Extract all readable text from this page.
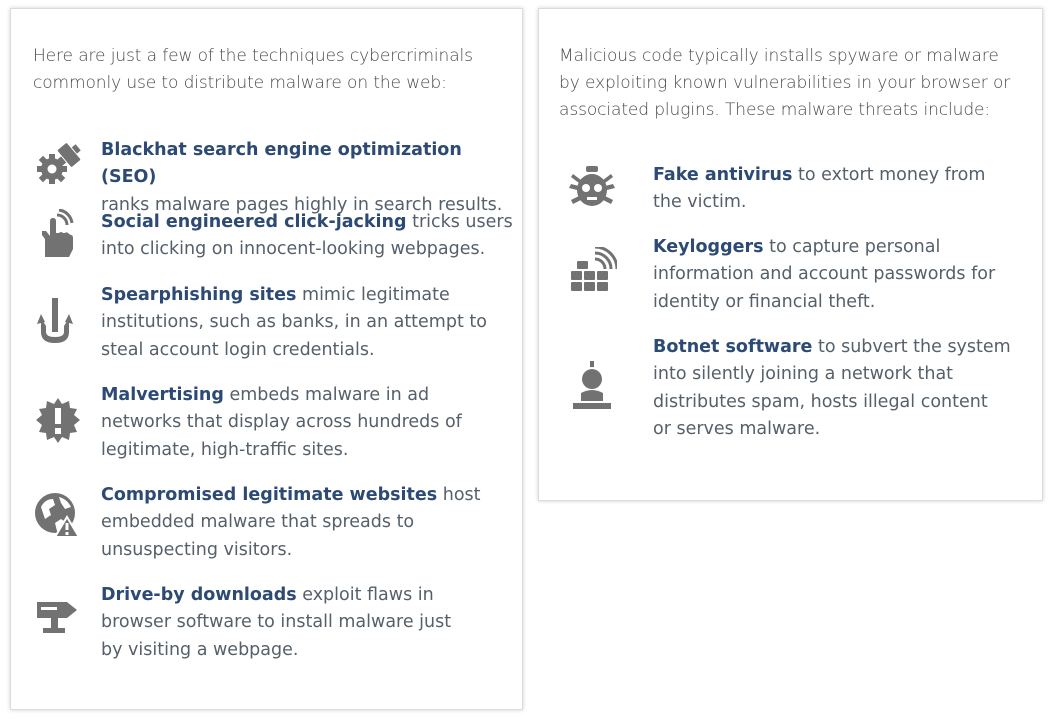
Here are just a few of the techniques cybercriminals
commonly use to distribute malware on the web:

Blackhat search engine optimization (SEO)
ranks malware pages highly in search results.

Social engineered click-jacking tricks users
into clicking on innocent-looking webpages.

Spearphishing sites mimic legitimate
institutions, such as banks, in an attempt to
steal account login credentials.

Malvertising embeds malware in ad
networks that display across hundreds of
legitimate, high-traffic sites.

Compromised legitimate websites host
embedded malware that spreads to
unsuspecting visitors.

Drive-by downloads exploit flaws in
browser software to install malware just
by visiting a webpage.

Malicious code typically installs spyware or malware
by exploiting known vulnerabilities in your browser or
associated plugins. These malware threats include:

Fake antivirus to extort money from
the victim.

Keyloggers to capture personal
information and account passwords for
identity or financial theft.

Botnet software to subvert the system
into silently joining a network that
distributes spam, hosts illegal content
or serves malware.
